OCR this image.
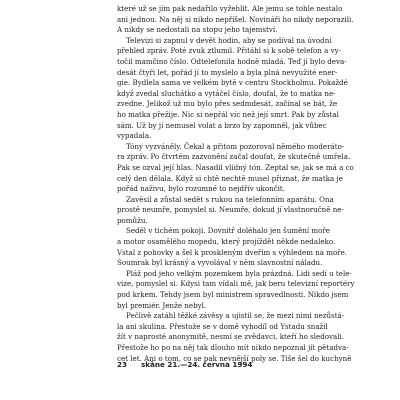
které už se jím pak nedařilo vyžehlit. Ale jemu se tohle nestalo
ani jednou. Na něj si nikdo nepříšel. Novináři ho nikdy neporazili.
A nikdy se nedostali na stopu jeho tajemství.

Televizi si zapnul v devět hodin, aby se podíval na úvodní
přehled zpráv. Poté zvuk ztlumil. Přitáhl si k sobě telefon a vy-
točil mamčino číslo. Odtelefonila hodně mladá. Teď jí bylo deva-
desát čtyři let, pořád jí to myslelo a byla plná nevyužité ener-
gie. Bydlela sama ve velkém bytě v centru Stockholmu. Pokaždé
když zvedal sluchátko a vytáčel číslo, doufal, že to matka ne-
zvedne. Jelikož už mu bylo přes sedmdesát, začínal se bát, že
ho matka přežije. Nic si nepřál víc než její smrt. Pak by zůstal
sám. Už by jí nemusel volat a brzo by zapomněl, jak vůbec
vypadala.

Tóny vyzváněly. Čekal a přitom pozoroval němého moderáto-
ra zpráv. Po čtvrtém zazvonění začal doufat, že skutečně umřela.
Pak se ozval její hlas. Nasadil vlídný tón. Zeptal se, jak se má a co
celý den dělala. Když si chtě nechtě musel přiznat, že matka je
pořád naživu, bylo rozumné to nejdřív ukončit.

Zavěsil a zůstal sedět s rukou na telefonním aparátu. Ona
prostě neumře, pomyslel si. Neumře, dokud jí vlastnoručně ne-
pomůžu.

Seděl v tichém pokoji. Dovnitř doléhalo jen šumění moře
a motor osamělého mopedu, který projíždět někde nedaleko.
Vstal z pohovky a šel k proskleným dveřím s výhledem na moře.
Soumrak byl krásný a vyvolával v něm slavnostní náladu.

Pláž pod jeho velkým pozemkem byla prázdná. Lidi sedí u tele-
vize, pomyslel si. Kdysi tam vídali mě, jak beru televizní reportéry
pod krkem. Tehdy jsem byl ministrem spravedlnosti. Nikdo jsem
byl premiér. Jenže nebyl.

Pečlivě zatáhl těžké závěsy a ujistil se, že mezi nimi nezůstá-
la ani skulina. Přestože se v domě vyhodíl od Ystadu snažil
žít v naprosté anonymitě, nesmí se zvědavci, kteří ho sledovali.
Přestože ho po na něj tak dlouho mít nikdo nepoznal jít pětadva-
cet let. Ani o tom, co se pak nevnější poly se. Tiše šel do kuchyně

23 skåne 21.—24. června 1994
